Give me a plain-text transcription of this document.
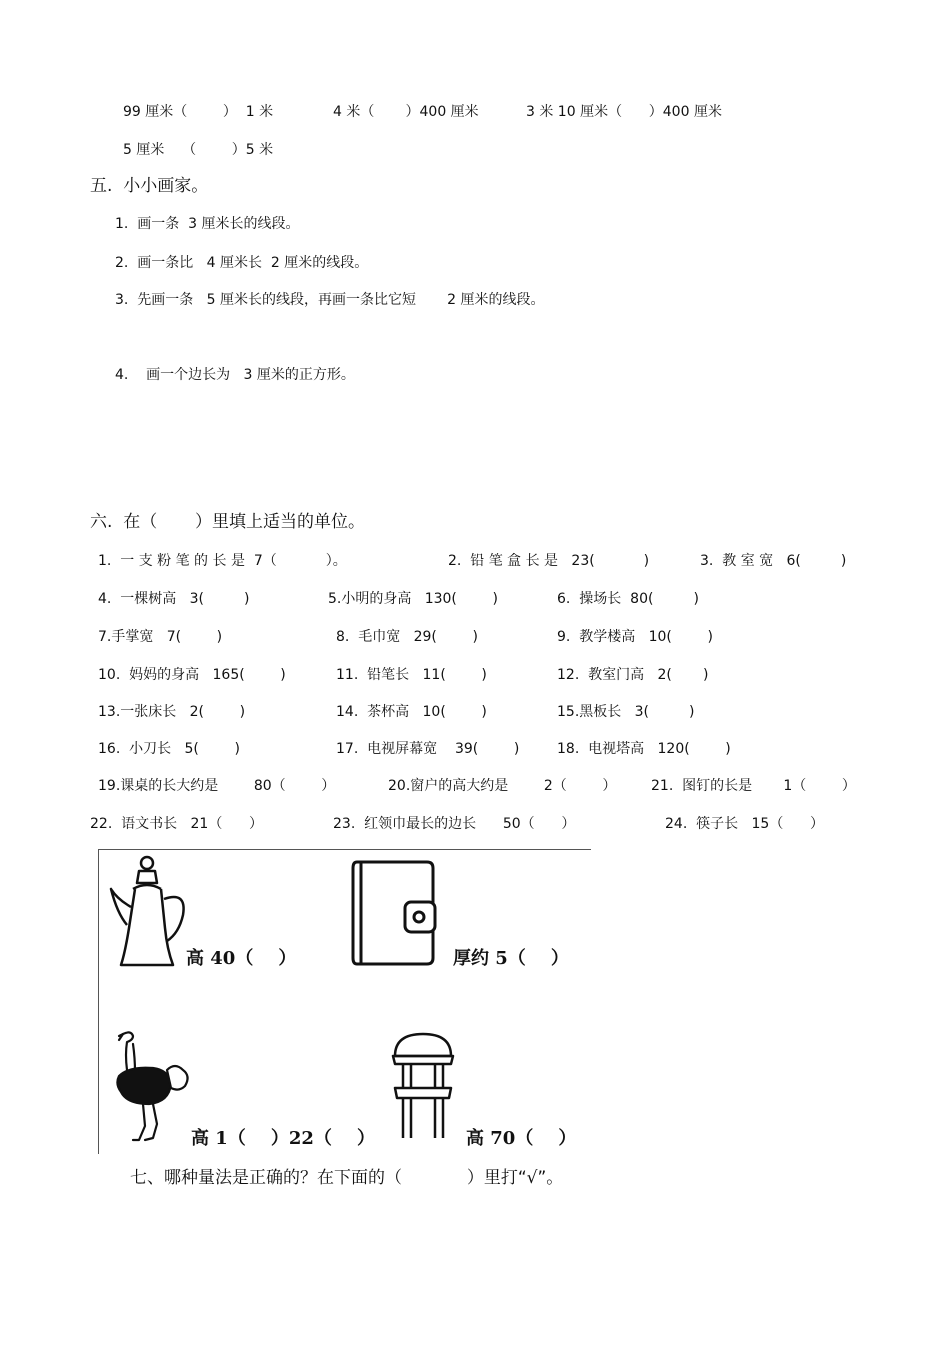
99 厘米（        ）  1 米	4 米（       ）400 厘米	3 米 10 厘米（      ）400 厘米
5 厘米    （        ）5 米
五.  小小画家。
1.  画一条  3 厘米长的线段。
2.  画一条比   4 厘米长  2 厘米的线段。
3.  先画一条   5 厘米长的线段，再画一条比它短       2 厘米的线段。
4.    画一个边长为   3 厘米的正方形。
六.  在（       ）里填上适当的单位。
1.  一 支 粉 笔 的 长 是  7（           ）。	2.  铅 笔 盒 长 是   23(           )	3.  教 室 宽   6(         )
4.  一棵树高   3(         )	5.小明的身高   130(        )	6.  操场长  80(         )
7.手掌宽   7(        )	8.  毛巾宽   29(        )	9.  教学楼高   10(        )
10.  妈妈的身高   165(        )	11.  铅笔长   11(        )	12.  教室门高   2(       )
13.一张床长   2(        )	14.  茶杯高   10(        )	15.黑板长   3(         )
16.  小刀长   5(        )	17.  电视屏幕宽    39(        )	18.  电视塔高   120(        )
19.课桌的长大约是        80（        ）	20.窗户的高大约是        2（        ） 21.  图钉的长是       1（        ）
22.  语文书长   21（      ）	23.  红领巾最长的边长      50（      ）	24.  筷子长   15（      ）
高 40（    ）	厚约 5（    ）
高 1（    ）22（    ）	高 70（    ）
七、哪种量法是正确的？在下面的（            ）里打“√”。
